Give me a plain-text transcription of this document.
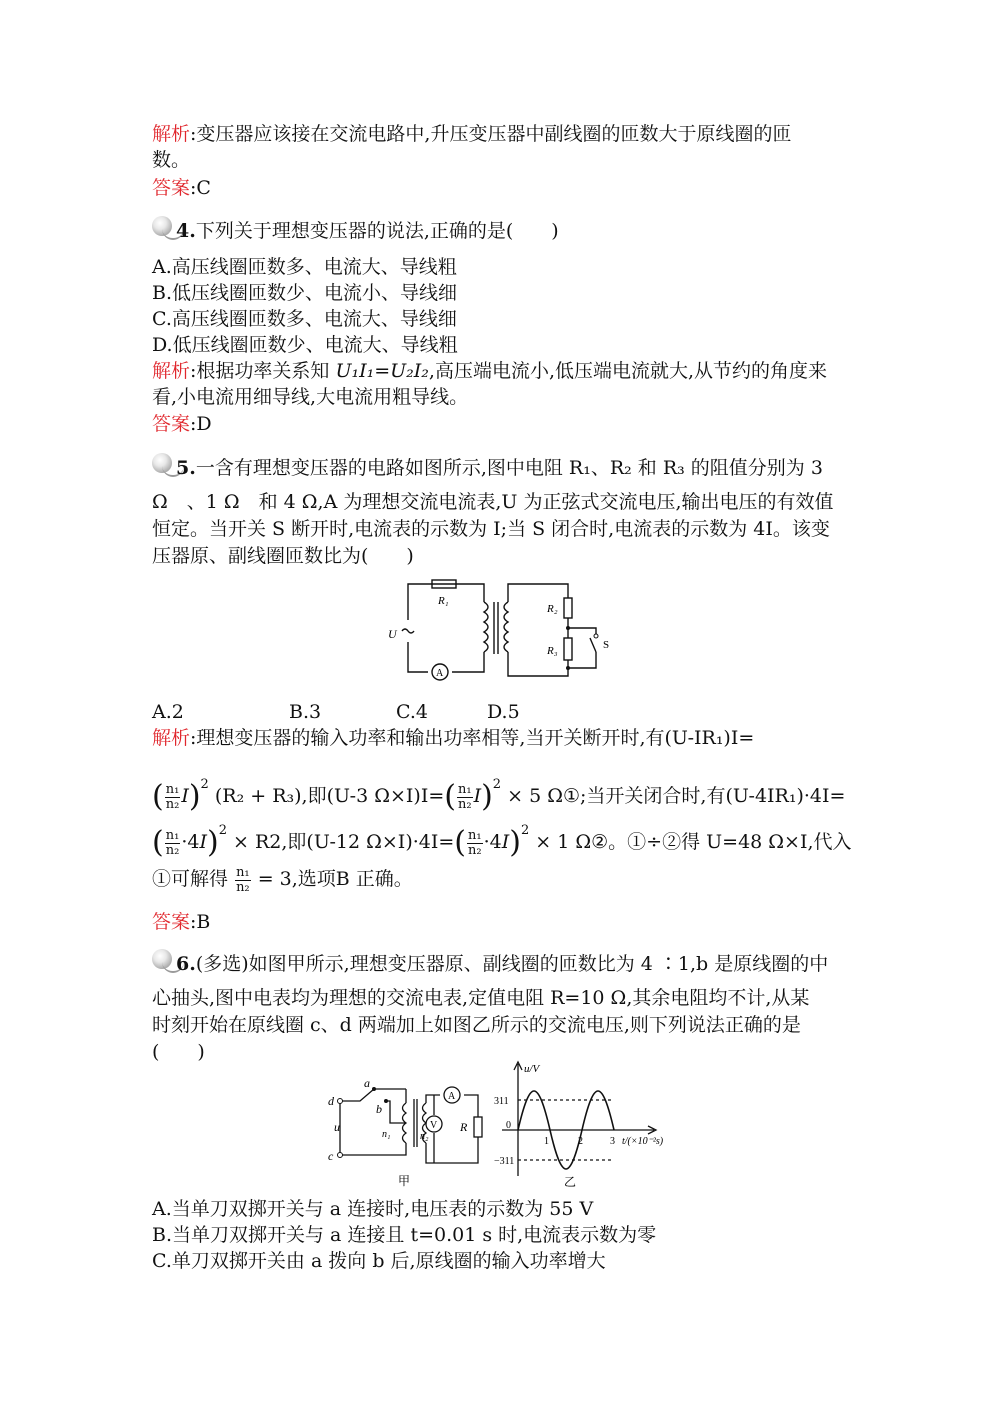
解析:变压器应该接在交流电路中,升压变压器中副线圈的匝数大于原线圈的匝
数。
答案:C
4.下列关于理想变压器的说法,正确的是(　　)
A.高压线圈匝数多、电流大、导线粗
B.低压线圈匝数少、电流小、导线细
C.高压线圈匝数多、电流大、导线细
D.低压线圈匝数少、电流大、导线粗
解析:根据功率关系知 U₁I₁=U₂I₂,高压端电流小,低压端电流就大,从节约的角度来
看,小电流用细导线,大电流用粗导线。
答案:D
5.一含有理想变压器的电路如图所示,图中电阻 R₁、R₂ 和 R₃ 的阻值分别为 3
Ω　、1 Ω　和 4 Ω,A 为理想交流电流表,U 为正弦式交流电压,输出电压的有效值
恒定。当开关 S 断开时,电流表的示数为 I;当 S 闭合时,电流表的示数为 4I。该变
压器原、副线圈匝数比为(　　)
R₁
R₂
R₃
U
A
S
A.2	B.3	C.4	D.5
解析:理想变压器的输入功率和输出功率相等,当开关断开时,有(U-IR₁)I=
( $\frac{\text{n₁}}{\text{n₂}} I)^2$ (R₂ + R₃),即(U-3 $\Omega\times I)I=( \frac{\text{n₁}}{\text{n₂}} I)^2 \times 5$ Ω①;当开关闭合时,有(U-4IR₁)·4I=
( $\frac{\text{n₁}}{\text{n₂}} \cdot 4I)^2 \times R2$,即(U-12 $\Omega\times I)\cdot 4I=( \frac{\text{n₁}}{\text{n₂}} \cdot 4I)^2 \times 1$ Ω②。①÷②得 U=48 Ω×I,代入
①可解得 $\frac{\text{n₁}}{\text{n₂}} = 3$,选项B 正确。
答案:B
6.(多选)如图甲所示,理想变压器原、副线圈的匝数比为 4 ∶1,b 是原线圈的中
心抽头,图中电表均为理想的交流电表,定值电阻 R=10 Ω,其余电阻均不计,从某
时刻开始在原线圈 c、d 两端加上如图乙所示的交流电压,则下列说法正确的是
(　　)
d
c
a
b
u
n₁	n₂
V
A
R
甲
u/V
311
−311
0
1	2	3 t/(×10⁻²s)
乙
A.当单刀双掷开关与 a 连接时,电压表的示数为 55 V
B.当单刀双掷开关与 a 连接且 t=0.01 s 时,电流表示数为零
C.单刀双掷开关由 a 拨向 b 后,原线圈的输入功率增大
